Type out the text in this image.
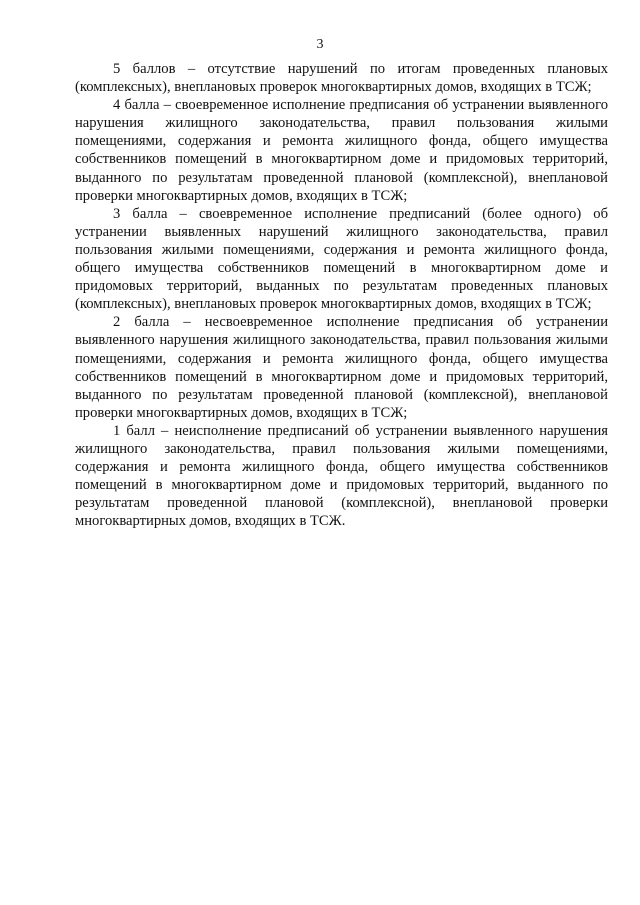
3

5 баллов – отсутствие нарушений по итогам проведенных плановых (комплексных), внеплановых проверок многоквартирных домов, входящих в ТСЖ;

4 балла – своевременное исполнение предписания об устранении выявленного нарушения жилищного законодательства, правил пользования жилыми помещениями, содержания и ремонта жилищного фонда, общего имущества собственников помещений в многоквартирном доме и придомовых территорий, выданного по результатам проведенной плановой (комплексной), внеплановой проверки многоквартирных домов, входящих в ТСЖ;

3 балла – своевременное исполнение предписаний (более одного) об устранении выявленных нарушений жилищного законодательства, правил пользования жилыми помещениями, содержания и ремонта жилищного фонда, общего имущества собственников помещений в многоквартирном доме и придомовых территорий, выданных по результатам проведенных плановых (комплексных), внеплановых проверок многоквартирных домов, входящих в ТСЖ;

2 балла – несвоевременное исполнение предписания об устранении выявленного нарушения жилищного законодательства, правил пользования жилыми помещениями, содержания и ремонта жилищного фонда, общего имущества собственников помещений в многоквартирном доме и придомовых территорий, выданного по результатам проведенной плановой (комплексной), внеплановой проверки многоквартирных домов, входящих в ТСЖ;

1 балл – неисполнение предписаний об устранении выявленного нарушения жилищного законодательства, правил пользования жилыми помещениями, содержания и ремонта жилищного фонда, общего имущества собственников помещений в многоквартирном доме и придомовых территорий, выданного по результатам проведенной плановой (комплексной), внеплановой проверки многоквартирных домов, входящих в ТСЖ.
